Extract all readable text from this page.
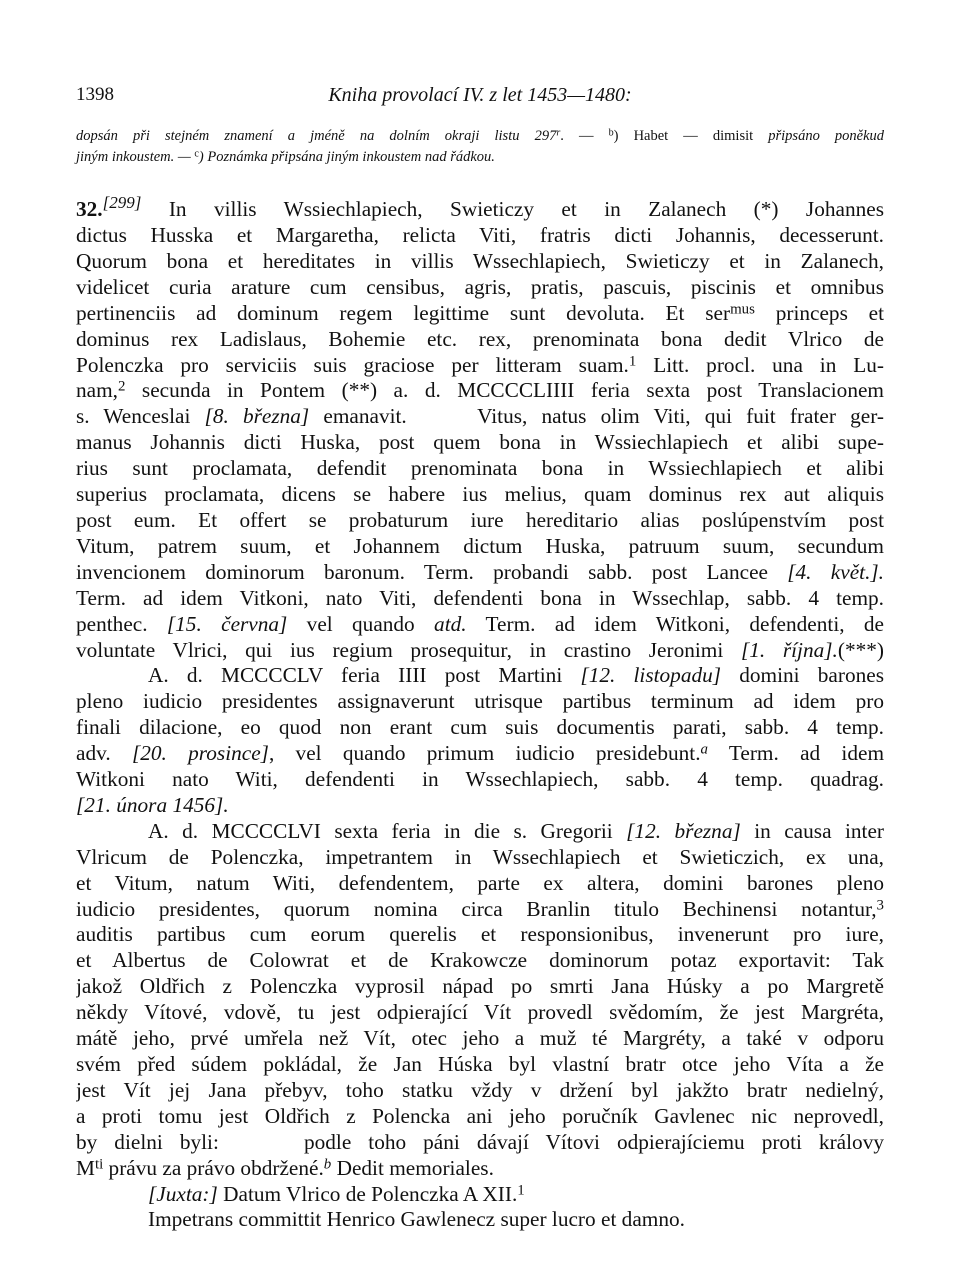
1398	Kniha provolací IV. z let 1453—1480:
dopsán při stejném znamení a jméně na dolním okraji listu 297$^r$. — $^b$) Habet — dimisit připsáno poněkud
jiným inkoustem. — $^c$) Poznámka připsána jiným inkoustem nad řádkou.
32.[299] In villis Wssiechlapiech, Swieticzy et in Zalanech (*) Johannes
dictus Husska et Margaretha, relicta Viti, fratris dicti Johannis, decesserunt.
Quorum bona et hereditates in villis Wssechlapiech, Swieticzy et in Zalanech,
videlicet curia arature cum censibus, agris, pratis, pascuis, piscinis et omnibus
pertinenciis ad dominum regem legittime sunt devoluta. Et ser$^{mus}$ princeps et
dominus rex Ladislaus, Bohemie etc. rex, prenominata bona dedit Vlrico de
Polenczka pro serviciis suis graciose per litteram suam.$^1$ Litt. procl. una in Lu-
nam,$^2$ secunda in Pontem (**) a. d. MCCCCLIIII feria sexta post Translacionem
s. Wenceslai [8. března] emanavit.     Vitus, natus olim Viti, qui fuit frater ger-
manus Johannis dicti Huska, post quem bona in Wssiechlapiech et alibi supe-
rius sunt proclamata, defendit prenominata bona in Wssiechlapiech et alibi
superius proclamata, dicens se habere ius melius, quam dominus rex aut aliquis
post eum. Et offert se probaturum iure hereditario alias poslúpenstvím post
Vitum, patrem suum, et Johannem dictum Huska, patruum suum, secundum
invencionem dominorum baronum. Term. probandi sabb. post Lancee [4. květ.].
Term. ad idem Vitkoni, nato Viti, defendenti bona in Wssechlap, sabb. 4 temp.
penthec. [15. června] vel quando atd. Term. ad idem Witkoni, defendenti, de
voluntate Vlrici, qui ius regium prosequitur, in crastino Jeronimi [1. října].(***)
A. d. MCCCCLV feria IIII post Martini [12. listopadu] domini barones
pleno iudicio presidentes assignaverunt utrisque partibus terminum ad idem pro
finali dilacione, eo quod non erant cum suis documentis parati, sabb. 4 temp.
adv. [20. prosince], vel quando primum iudicio presidebunt.$^a$ Term. ad idem
Witkoni nato Witi, defendenti in Wssechlapiech, sabb. 4 temp. quadrag.
[21. února 1456].
A. d. MCCCCLVI sexta feria in die s. Gregorii [12. března] in causa inter
Vlricum de Polenczka, impetrantem in Wssechlapiech et Swieticzich, ex una,
et Vitum, natum Witi, defendentem, parte ex altera, domini barones pleno
iudicio presidentes, quorum nomina circa Branlin titulo Bechinensi notantur,$^3$
auditis partibus cum eorum querelis et responsionibus, invenerunt pro iure,
et Albertus de Colowrat et de Krakowcze dominorum potaz exportavit: Tak
jakož Oldřich z Polenczka vyprosil nápad po smrti Jana Húsky a po Margretě
někdy Vítové, vdově, tu jest odpierající Vít provedl svědomím, že jest Margréta,
mátě jeho, prvé umřela než Vít, otec jeho a muž té Margréty, a také v odporu
svém před súdem pokládal, že Jan Húska byl vlastní bratr otce jeho Víta a že
jest Vít jej Jana přebyv, toho statku vždy v držení byl jakžto bratr nedielný,
a proti tomu jest Oldřich z Polencka ani jeho poručník Gavlenec nic neprovedl,
by dielni byli:     podle toho páni dávají Vítovi odpierajíciemu proti královy
$M^{ti}$ právu za právo obdržené.$^b$ Dedit memoriales.
[Juxta:] Datum Vlrico de Polenczka A XII.$^1$
Impetrans committit Henrico Gawlenecz super lucro et damno.
